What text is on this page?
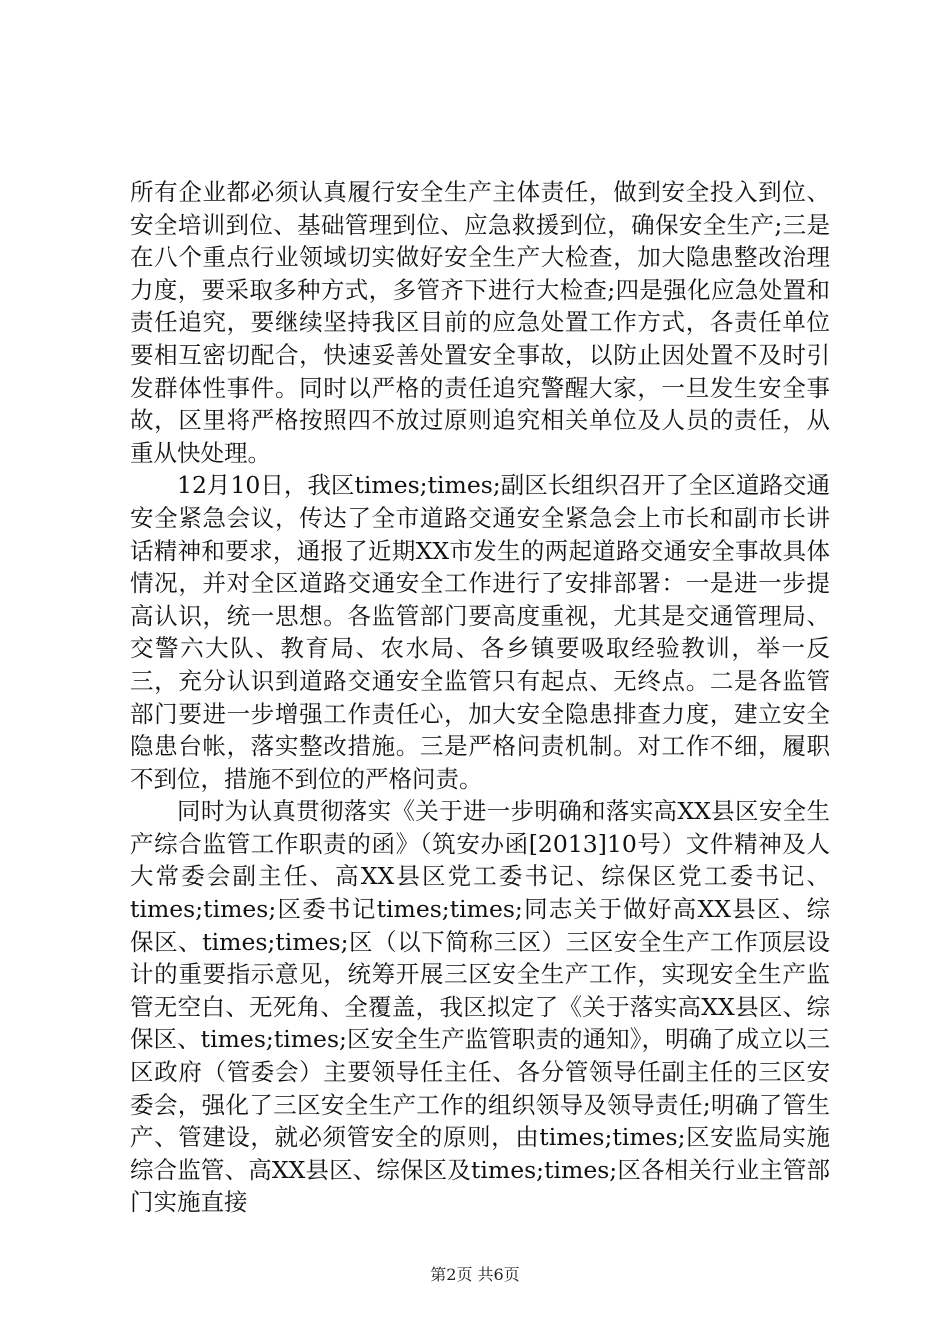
所有企业都必须认真履行安全生产主体责任，做到安全投入到位、安全培训到位、基础管理到位、应急救援到位，确保安全生产;三是在八个重点行业领域切实做好安全生产大检查，加大隐患整改治理力度，要采取多种方式，多管齐下进行大检查;四是强化应急处置和责任追究，要继续坚持我区目前的应急处置工作方式，各责任单位要相互密切配合，快速妥善处置安全事故，以防止因处置不及时引发群体性事件。同时以严格的责任追究警醒大家，一旦发生安全事故，区里将严格按照四不放过原则追究相关单位及人员的责任，从重从快处理。

12月10日，我区times;times;副区长组织召开了全区道路交通安全紧急会议，传达了全市道路交通安全紧急会上市长和副市长讲话精神和要求，通报了近期XX市发生的两起道路交通安全事故具体情况，并对全区道路交通安全工作进行了安排部署：一是进一步提高认识，统一思想。各监管部门要高度重视，尤其是交通管理局、交警六大队、教育局、农水局、各乡镇要吸取经验教训，举一反三，充分认识到道路交通安全监管只有起点、无终点。二是各监管部门要进一步增强工作责任心，加大安全隐患排查力度，建立安全隐患台帐，落实整改措施。三是严格问责机制。对工作不细，履职不到位，措施不到位的严格问责。

同时为认真贯彻落实《关于进一步明确和落实高XX县区安全生产综合监管工作职责的函》（筑安办函[2013]10号）文件精神及人大常委会副主任、高XX县区党工委书记、综保区党工委书记、times;times;区委书记times;times;同志关于做好高XX县区、综保区、times;times;区（以下简称三区）三区安全生产工作顶层设计的重要指示意见，统筹开展三区安全生产工作，实现安全生产监管无空白、无死角、全覆盖，我区拟定了《关于落实高XX县区、综保区、times;times;区安全生产监管职责的通知》，明确了成立以三区政府（管委会）主要领导任主任、各分管领导任副主任的三区安委会，强化了三区安全生产工作的组织领导及领导责任;明确了管生产、管建设，就必须管安全的原则，由times;times;区安监局实施综合监管、高XX县区、综保区及times;times;区各相关行业主管部门实施直接

第2页 共6页
